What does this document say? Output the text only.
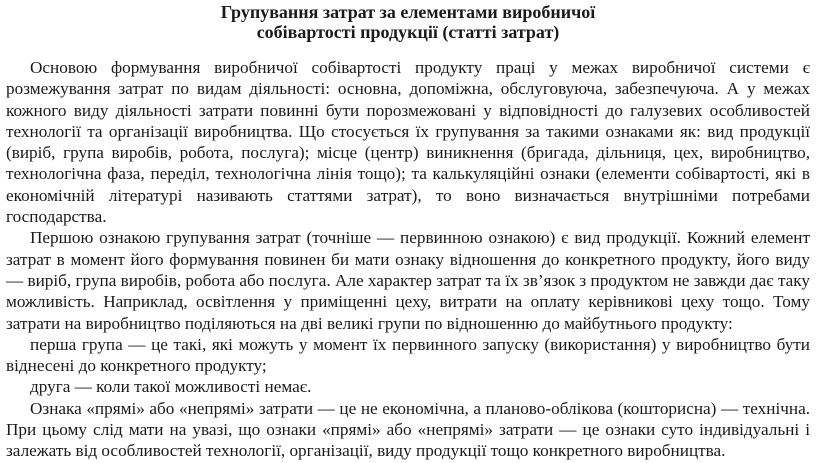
Групування затрат за елементами виробничої
собівартості продукції (статті затрат)

Основою формування виробничої собівартості продукту праці у межах виробничої системи є розмежування затрат по видам діяльності: основна, допоміжна, обслуговуюча, забезпечуюча. А у межах кожного виду діяльності затрати повинні бути порозмежовані у відповідності до галузевих особливостей технології та організації виробництва. Що стосується їх групування за такими ознаками як: вид продукції (виріб, група виробів, робота, послуга); місце (центр) виникнення (бригада, дільниця, цех, виробництво, технологічна фаза, переділ, технологічна лінія тощо); та калькуляційні ознаки (елементи собівартості, які в економічній літературі називають статтями затрат), то воно визначається внутрішніми потребами господарства.

Першою ознакою групування затрат (точніше — первинною ознакою) є вид продукції. Кожний елемент затрат в момент його формування повинен би мати ознаку відношення до конкретного продукту, його виду — виріб, група виробів, робота або послуга. Але характер затрат та їх зв’язок з продуктом не завжди дає таку можливість. Наприклад, освітлення у приміщенні цеху, витрати на оплату керівникові цеху тощо. Тому затрати на виробництво поділяються на дві великі групи по відношенню до майбутнього продукту:

перша група — це такі, які можуть у момент їх первинного запуску (використання) у виробництво бути віднесені до конкретного продукту;

друга — коли такої можливості немає.

Ознака «прямі» або «непрямі» затрати — це не економічна, а планово-облікова (кошторисна) — технічна. При цьому слід мати на увазі, що ознаки «прямі» або «непрямі» затрати — це ознаки суто індивідуальні і залежать від особливостей технології, організації, виду продукції тощо конкретного виробництва.
